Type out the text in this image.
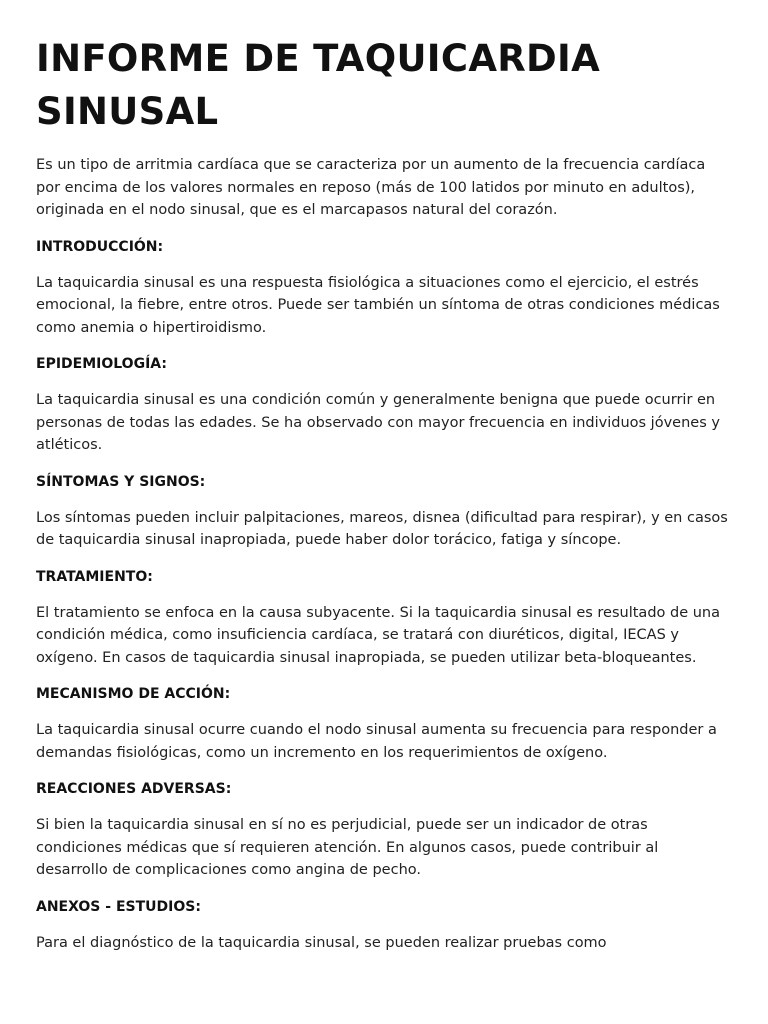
INFORME DE TAQUICARDIA
SINUSAL

Es un tipo de arritmia cardíaca que se caracteriza por un aumento de la frecuencia cardíaca por encima de los valores normales en reposo (más de 100 latidos por minuto en adultos), originada en el nodo sinusal, que es el marcapasos natural del corazón.

INTRODUCCIÓN:

La taquicardia sinusal es una respuesta fisiológica a situaciones como el ejercicio, el estrés emocional, la fiebre, entre otros. Puede ser también un síntoma de otras condiciones médicas como anemia o hipertiroidismo.

EPIDEMIOLOGÍA:

La taquicardia sinusal es una condición común y generalmente benigna que puede ocurrir en personas de todas las edades. Se ha observado con mayor frecuencia en individuos jóvenes y atléticos.

SÍNTOMAS Y SIGNOS:

Los síntomas pueden incluir palpitaciones, mareos, disnea (dificultad para respirar), y en casos de taquicardia sinusal inapropiada, puede haber dolor torácico, fatiga y síncope.

TRATAMIENTO:

El tratamiento se enfoca en la causa subyacente. Si la taquicardia sinusal es resultado de una condición médica, como insuficiencia cardíaca, se tratará con diuréticos, digital, IECAS y oxígeno. En casos de taquicardia sinusal inapropiada, se pueden utilizar beta-bloqueantes.

MECANISMO DE ACCIÓN:

La taquicardia sinusal ocurre cuando el nodo sinusal aumenta su frecuencia para responder a demandas fisiológicas, como un incremento en los requerimientos de oxígeno.

REACCIONES ADVERSAS:

Si bien la taquicardia sinusal en sí no es perjudicial, puede ser un indicador de otras condiciones médicas que sí requieren atención. En algunos casos, puede contribuir al desarrollo de complicaciones como angina de pecho.

ANEXOS - ESTUDIOS:

Para el diagnóstico de la taquicardia sinusal, se pueden realizar pruebas como
